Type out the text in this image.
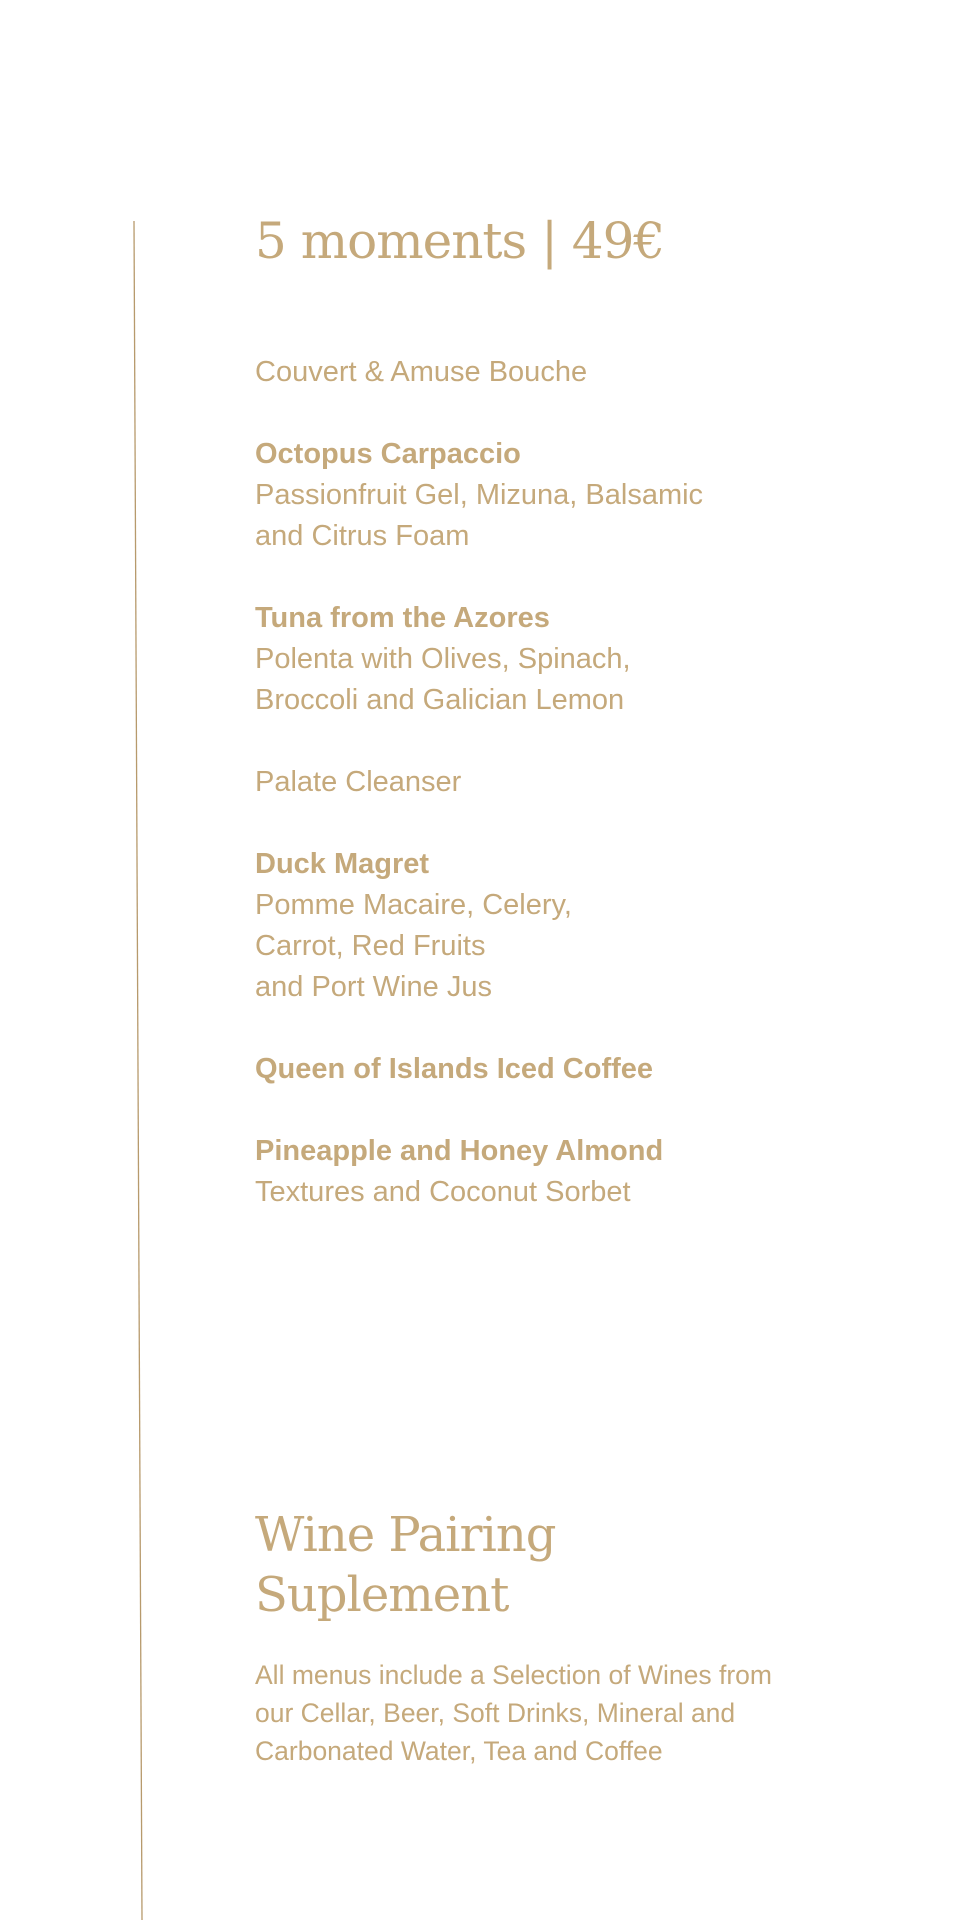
5 moments | 49€
Couvert & Amuse Bouche
Octopus Carpaccio
Passionfruit Gel, Mizuna, Balsamic
and Citrus Foam
Tuna from the Azores
Polenta with Olives, Spinach,
Broccoli and Galician Lemon
Palate Cleanser
Duck Magret
Pomme Macaire, Celery,
Carrot, Red Fruits
and Port Wine Jus
Queen of Islands Iced Coffee
Pineapple and Honey Almond
Textures and Coconut Sorbet
Wine Pairing
Suplement

All menus include a Selection of Wines from
our Cellar, Beer, Soft Drinks, Mineral and
Carbonated Water, Tea and Coffee
